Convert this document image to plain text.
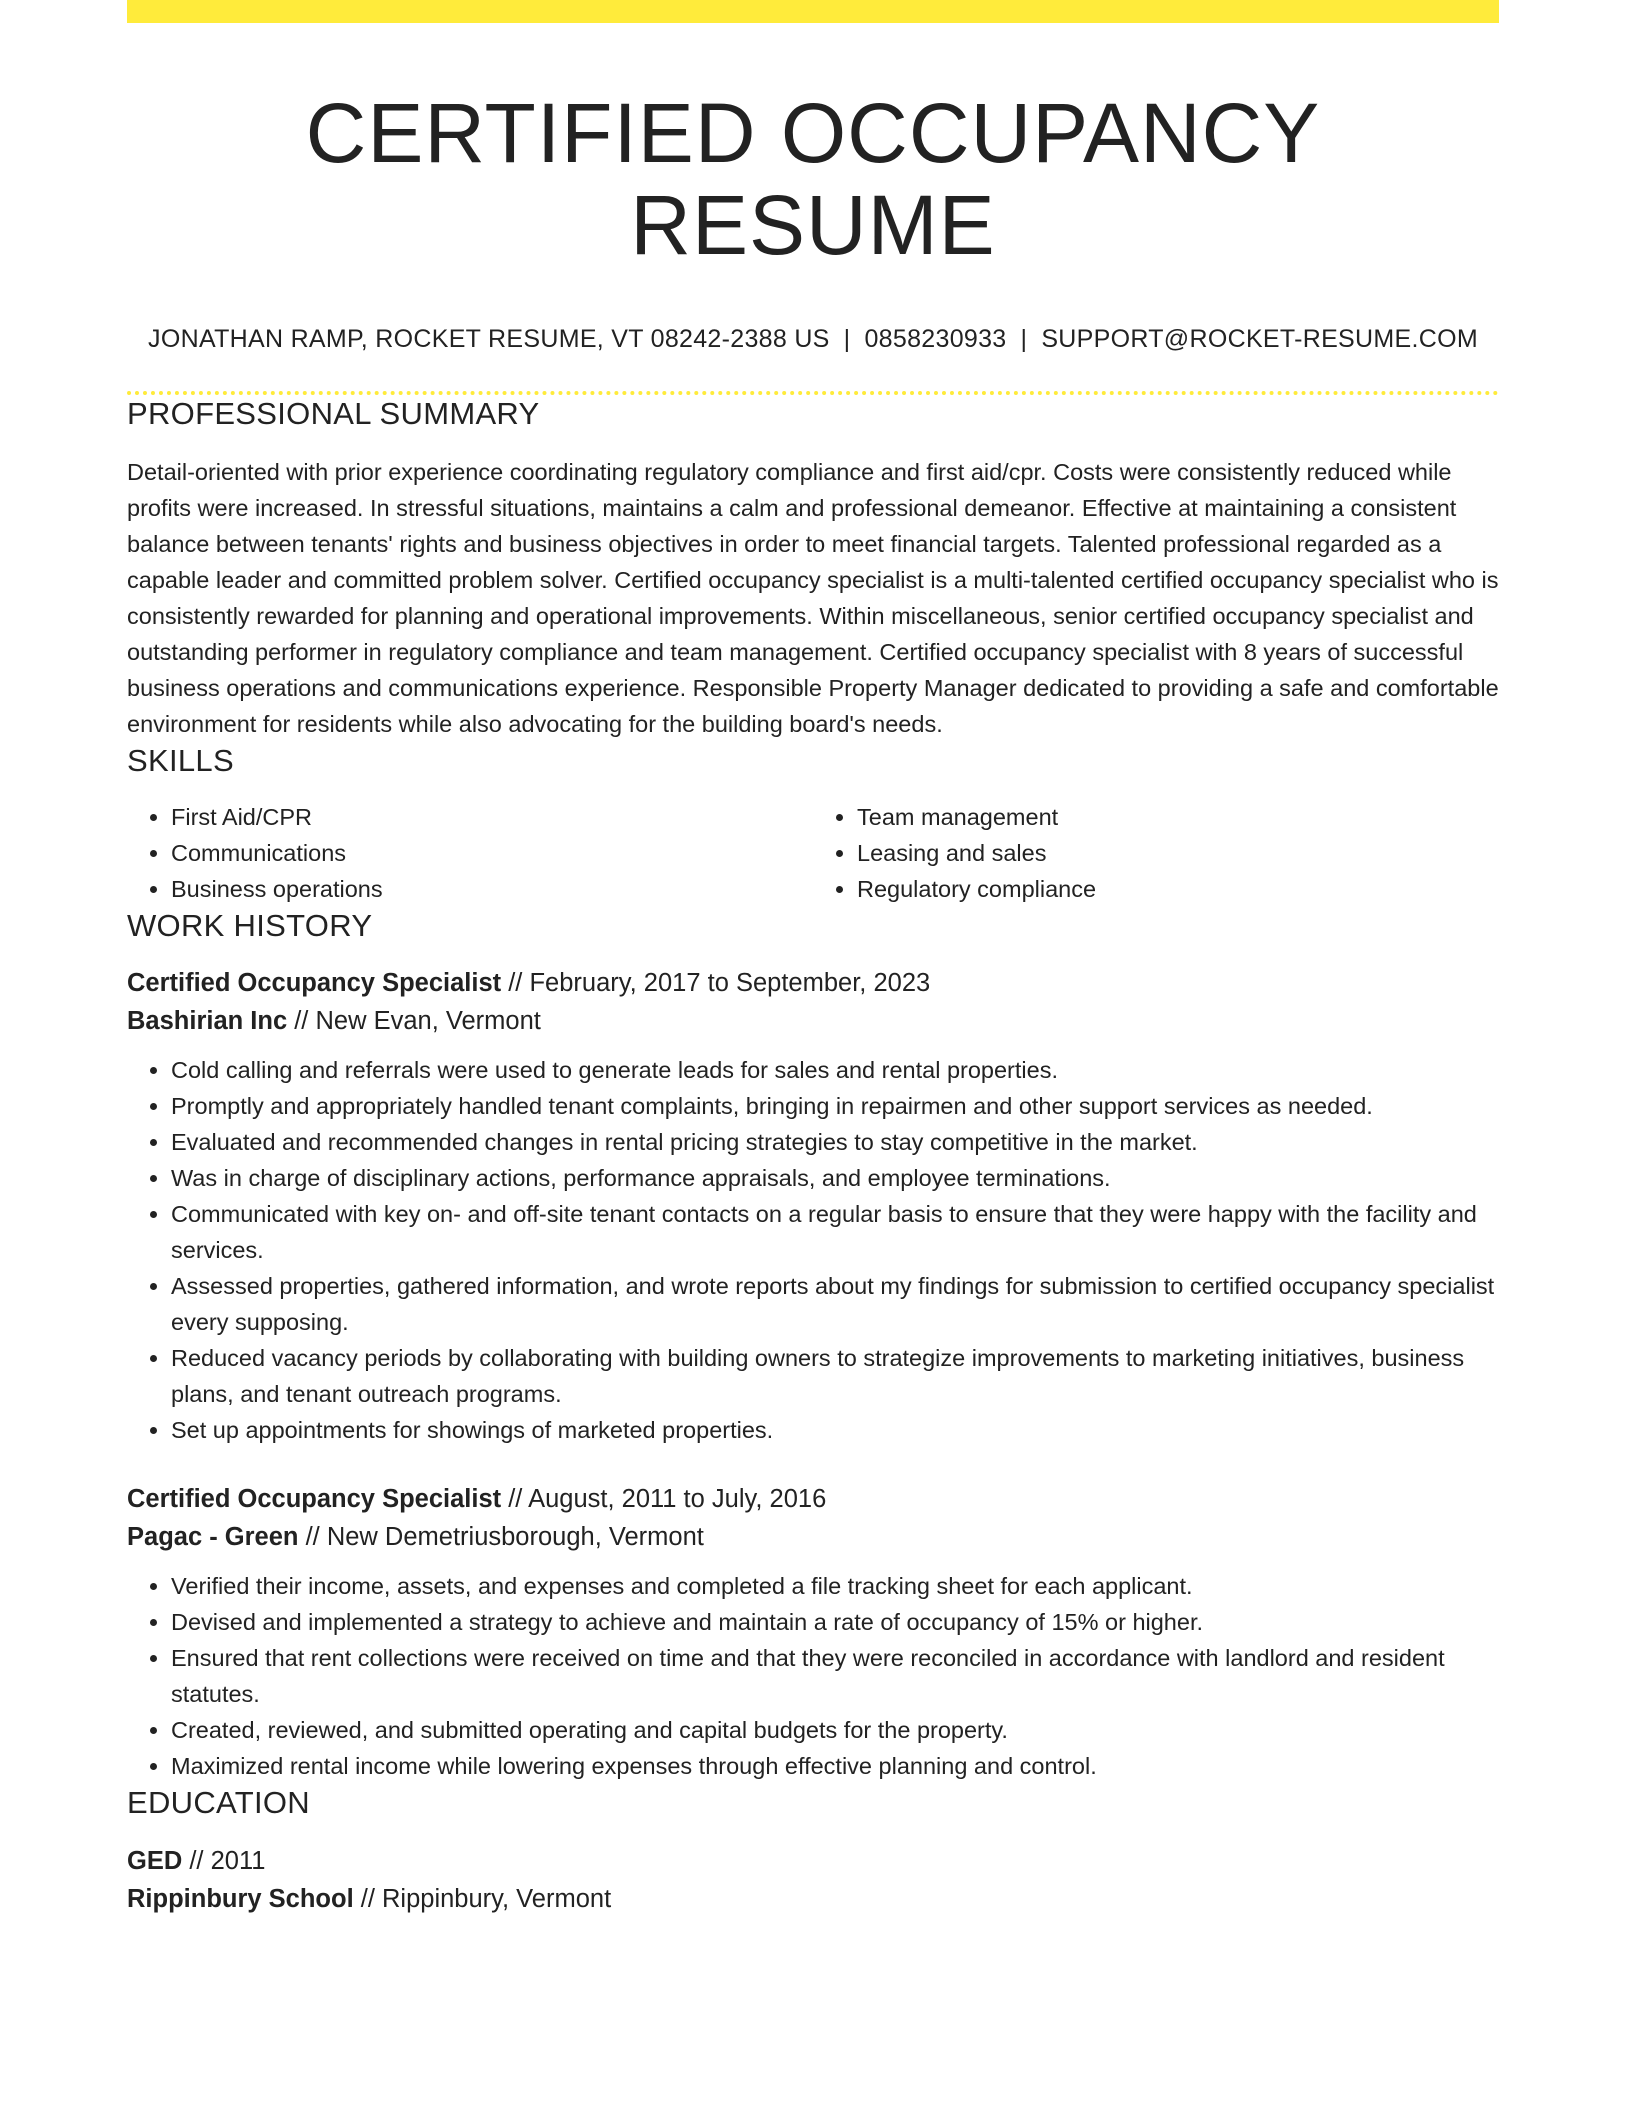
CERTIFIED OCCUPANCY RESUME
JONATHAN RAMP, ROCKET RESUME, VT 08242-2388 US | 0858230933 | SUPPORT@ROCKET-RESUME.COM
PROFESSIONAL SUMMARY

Detail-oriented with prior experience coordinating regulatory compliance and first aid/cpr. Costs were consistently reduced while profits were increased. In stressful situations, maintains a calm and professional demeanor. Effective at maintaining a consistent balance between tenants' rights and business objectives in order to meet financial targets. Talented professional regarded as a capable leader and committed problem solver. Certified occupancy specialist is a multi-talented certified occupancy specialist who is consistently rewarded for planning and operational improvements. Within miscellaneous, senior certified occupancy specialist and outstanding performer in regulatory compliance and team management. Certified occupancy specialist with 8 years of successful business operations and communications experience. Responsible Property Manager dedicated to providing a safe and comfortable environment for residents while also advocating for the building board's needs.

SKILLS
• First Aid/CPR
• Communications
• Business operations
• Team management
• Leasing and sales
• Regulatory compliance
WORK HISTORY
Certified Occupancy Specialist // February, 2017 to September, 2023
Bashirian Inc // New Evan, Vermont
• Cold calling and referrals were used to generate leads for sales and rental properties.
• Promptly and appropriately handled tenant complaints, bringing in repairmen and other support services as needed.
• Evaluated and recommended changes in rental pricing strategies to stay competitive in the market.
• Was in charge of disciplinary actions, performance appraisals, and employee terminations.
• Communicated with key on- and off-site tenant contacts on a regular basis to ensure that they were happy with the facility and services.
• Assessed properties, gathered information, and wrote reports about my findings for submission to certified occupancy specialist every supposing.
• Reduced vacancy periods by collaborating with building owners to strategize improvements to marketing initiatives, business plans, and tenant outreach programs.
• Set up appointments for showings of marketed properties.
Certified Occupancy Specialist // August, 2011 to July, 2016
Pagac - Green // New Demetriusborough, Vermont
• Verified their income, assets, and expenses and completed a file tracking sheet for each applicant.
• Devised and implemented a strategy to achieve and maintain a rate of occupancy of 15% or higher.
• Ensured that rent collections were received on time and that they were reconciled in accordance with landlord and resident statutes.
• Created, reviewed, and submitted operating and capital budgets for the property.
• Maximized rental income while lowering expenses through effective planning and control.
EDUCATION
GED // 2011
Rippinbury School // Rippinbury, Vermont
